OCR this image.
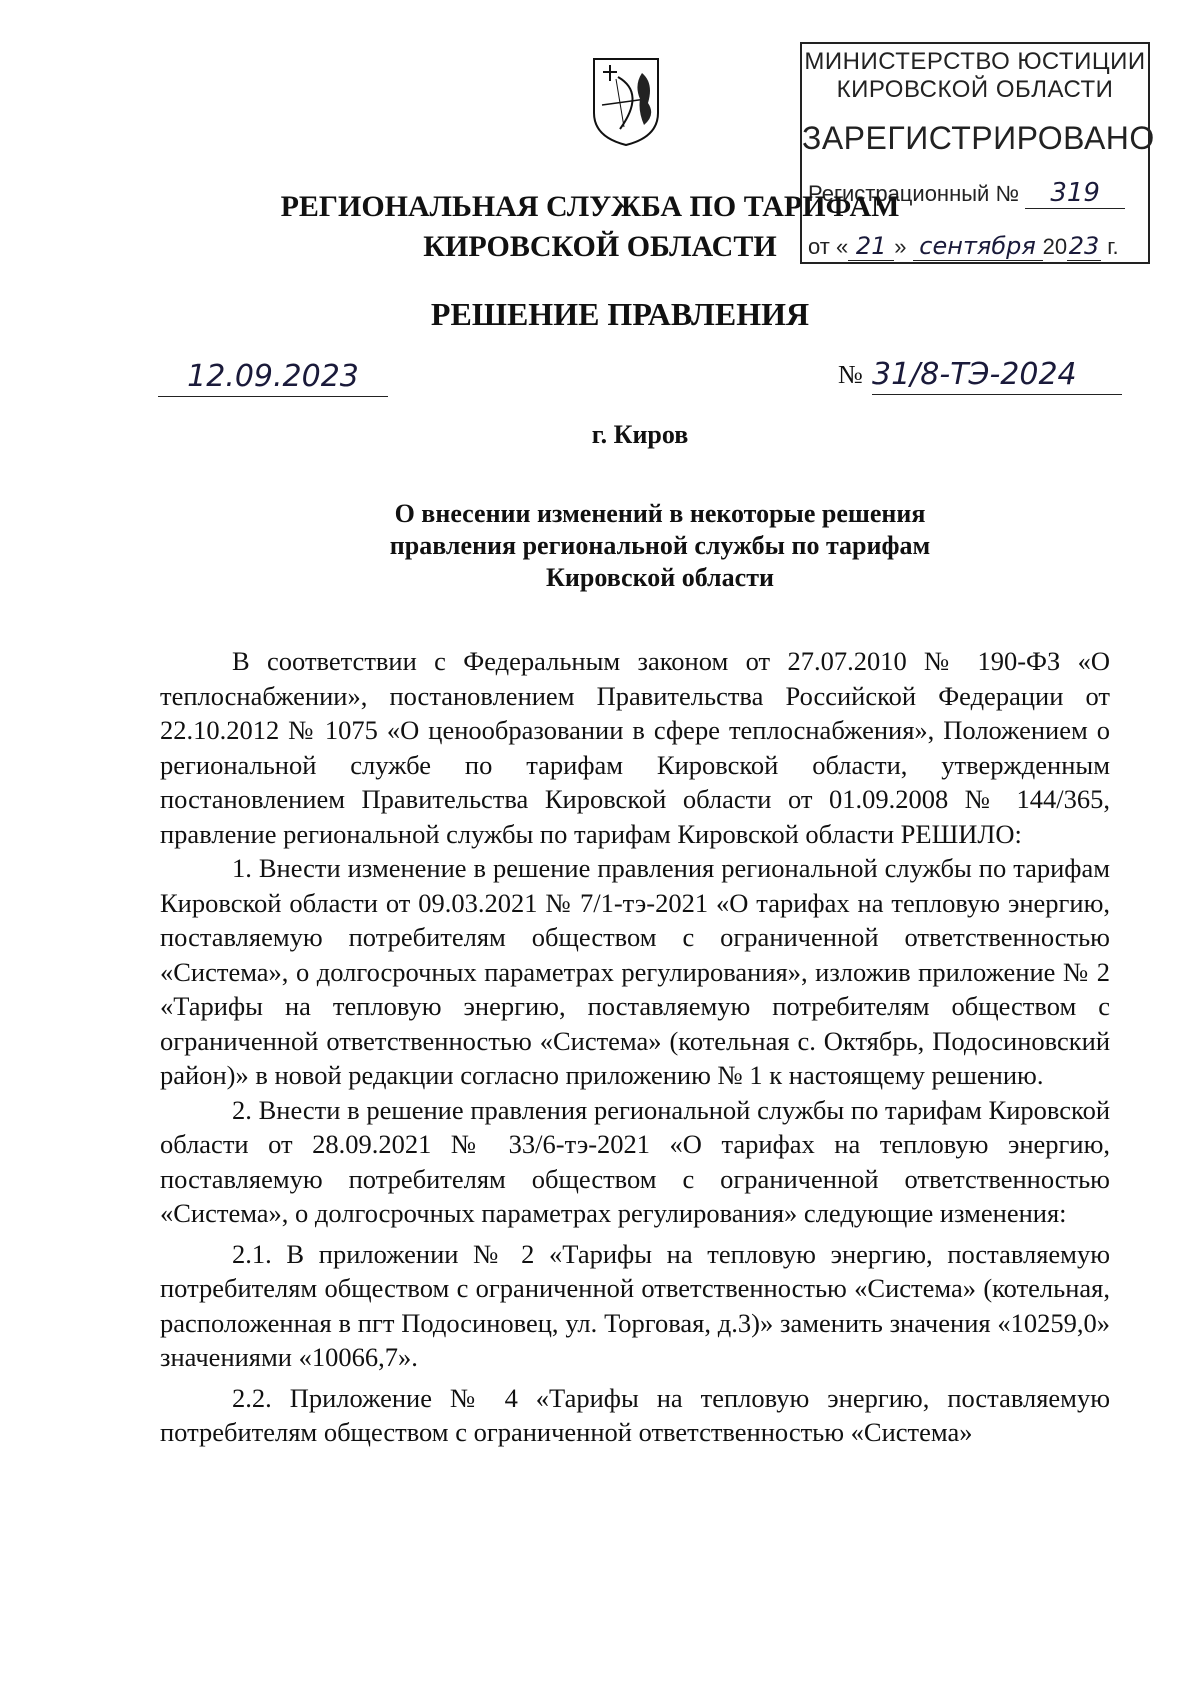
МИНИСТЕРСТВО ЮСТИЦИИ
КИРОВСКОЙ ОБЛАСТИ
ЗАРЕГИСТРИРОВАНО
Регистрационный № 319
от « 21 » сентября 2023 г.
РЕГИОНАЛЬНАЯ СЛУЖБА ПО ТАРИФАМ
КИРОВСКОЙ ОБЛАСТИ
РЕШЕНИЕ ПРАВЛЕНИЯ
12.09.2023	№ 31/8-ТЭ-2024
г. Киров
О внесении изменений в некоторые решения
правления региональной службы по тарифам
Кировской области

В соответствии с Федеральным законом от 27.07.2010 № 190-ФЗ «О теплоснабжении», постановлением Правительства Российской Федерации от 22.10.2012 № 1075 «О ценообразовании в сфере теплоснабжения», Положением о региональной службе по тарифам Кировской области, утвержденным постановлением Правительства Кировской области от 01.09.2008 № 144/365, правление региональной службы по тарифам Кировской области РЕШИЛО:

1. Внести изменение в решение правления региональной службы по тарифам Кировской области от 09.03.2021 № 7/1-тэ-2021 «О тарифах на тепловую энергию, поставляемую потребителям обществом с ограниченной ответственностью «Система», о долгосрочных параметрах регулирования», изложив приложение № 2 «Тарифы на тепловую энергию, поставляемую потребителям обществом с ограниченной ответственностью «Система» (котельная с. Октябрь, Подосиновский район)» в новой редакции согласно приложению № 1 к настоящему решению.

2. Внести в решение правления региональной службы по тарифам Кировской области от 28.09.2021 № 33/6-тэ-2021 «О тарифах на тепловую энергию, поставляемую потребителям обществом с ограниченной ответственностью «Система», о долгосрочных параметрах регулирования» следующие изменения:

2.1. В приложении № 2 «Тарифы на тепловую энергию, поставляемую потребителям обществом с ограниченной ответственностью «Система» (котельная, расположенная в пгт Подосиновец, ул. Торговая, д.3)» заменить значения «10259,0» значениями «10066,7».

2.2. Приложение № 4 «Тарифы на тепловую энергию, поставляемую потребителям обществом с ограниченной ответственностью «Система»
